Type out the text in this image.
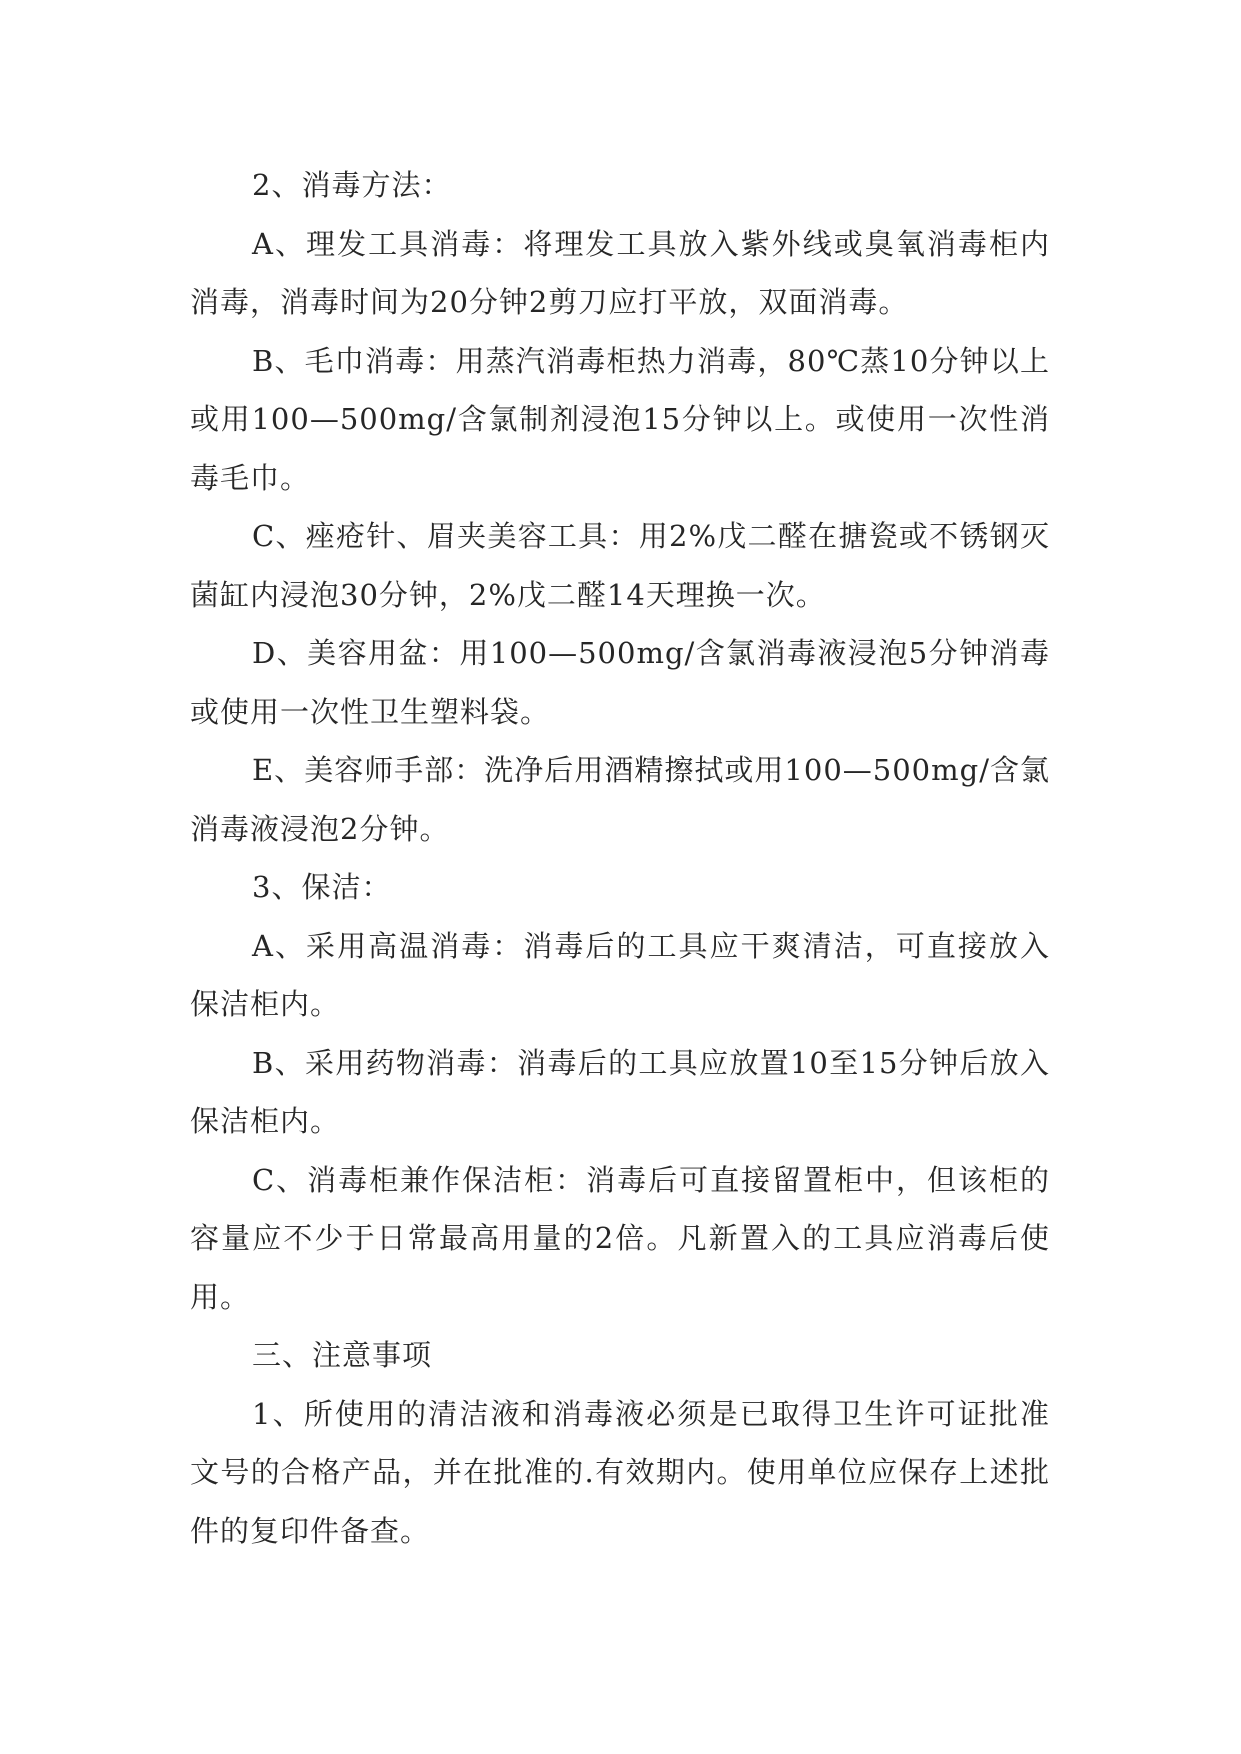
2、消毒方法：

A、理发工具消毒：将理发工具放入紫外线或臭氧消毒柜内消毒，消毒时间为20分钟2剪刀应打平放，双面消毒。

B、毛巾消毒：用蒸汽消毒柜热力消毒，80℃蒸10分钟以上或用100—500mg/含氯制剂浸泡15分钟以上。或使用一次性消毒毛巾。

C、痤疮针、眉夹美容工具：用2%戊二醛在搪瓷或不锈钢灭菌缸内浸泡30分钟，2%戊二醛14天理换一次。

D、美容用盆：用100—500mg/含氯消毒液浸泡5分钟消毒或使用一次性卫生塑料袋。

E、美容师手部：洗净后用酒精擦拭或用100—500mg/含氯消毒液浸泡2分钟。

3、保洁：

A、采用高温消毒：消毒后的工具应干爽清洁，可直接放入保洁柜内。

B、采用药物消毒：消毒后的工具应放置10至15分钟后放入保洁柜内。

C、消毒柜兼作保洁柜：消毒后可直接留置柜中，但该柜的容量应不少于日常最高用量的2倍。凡新置入的工具应消毒后使用。

三、注意事项

1、所使用的清洁液和消毒液必须是已取得卫生许可证批准文号的合格产品，并在批准的.有效期内。使用单位应保存上述批件的复印件备查。
